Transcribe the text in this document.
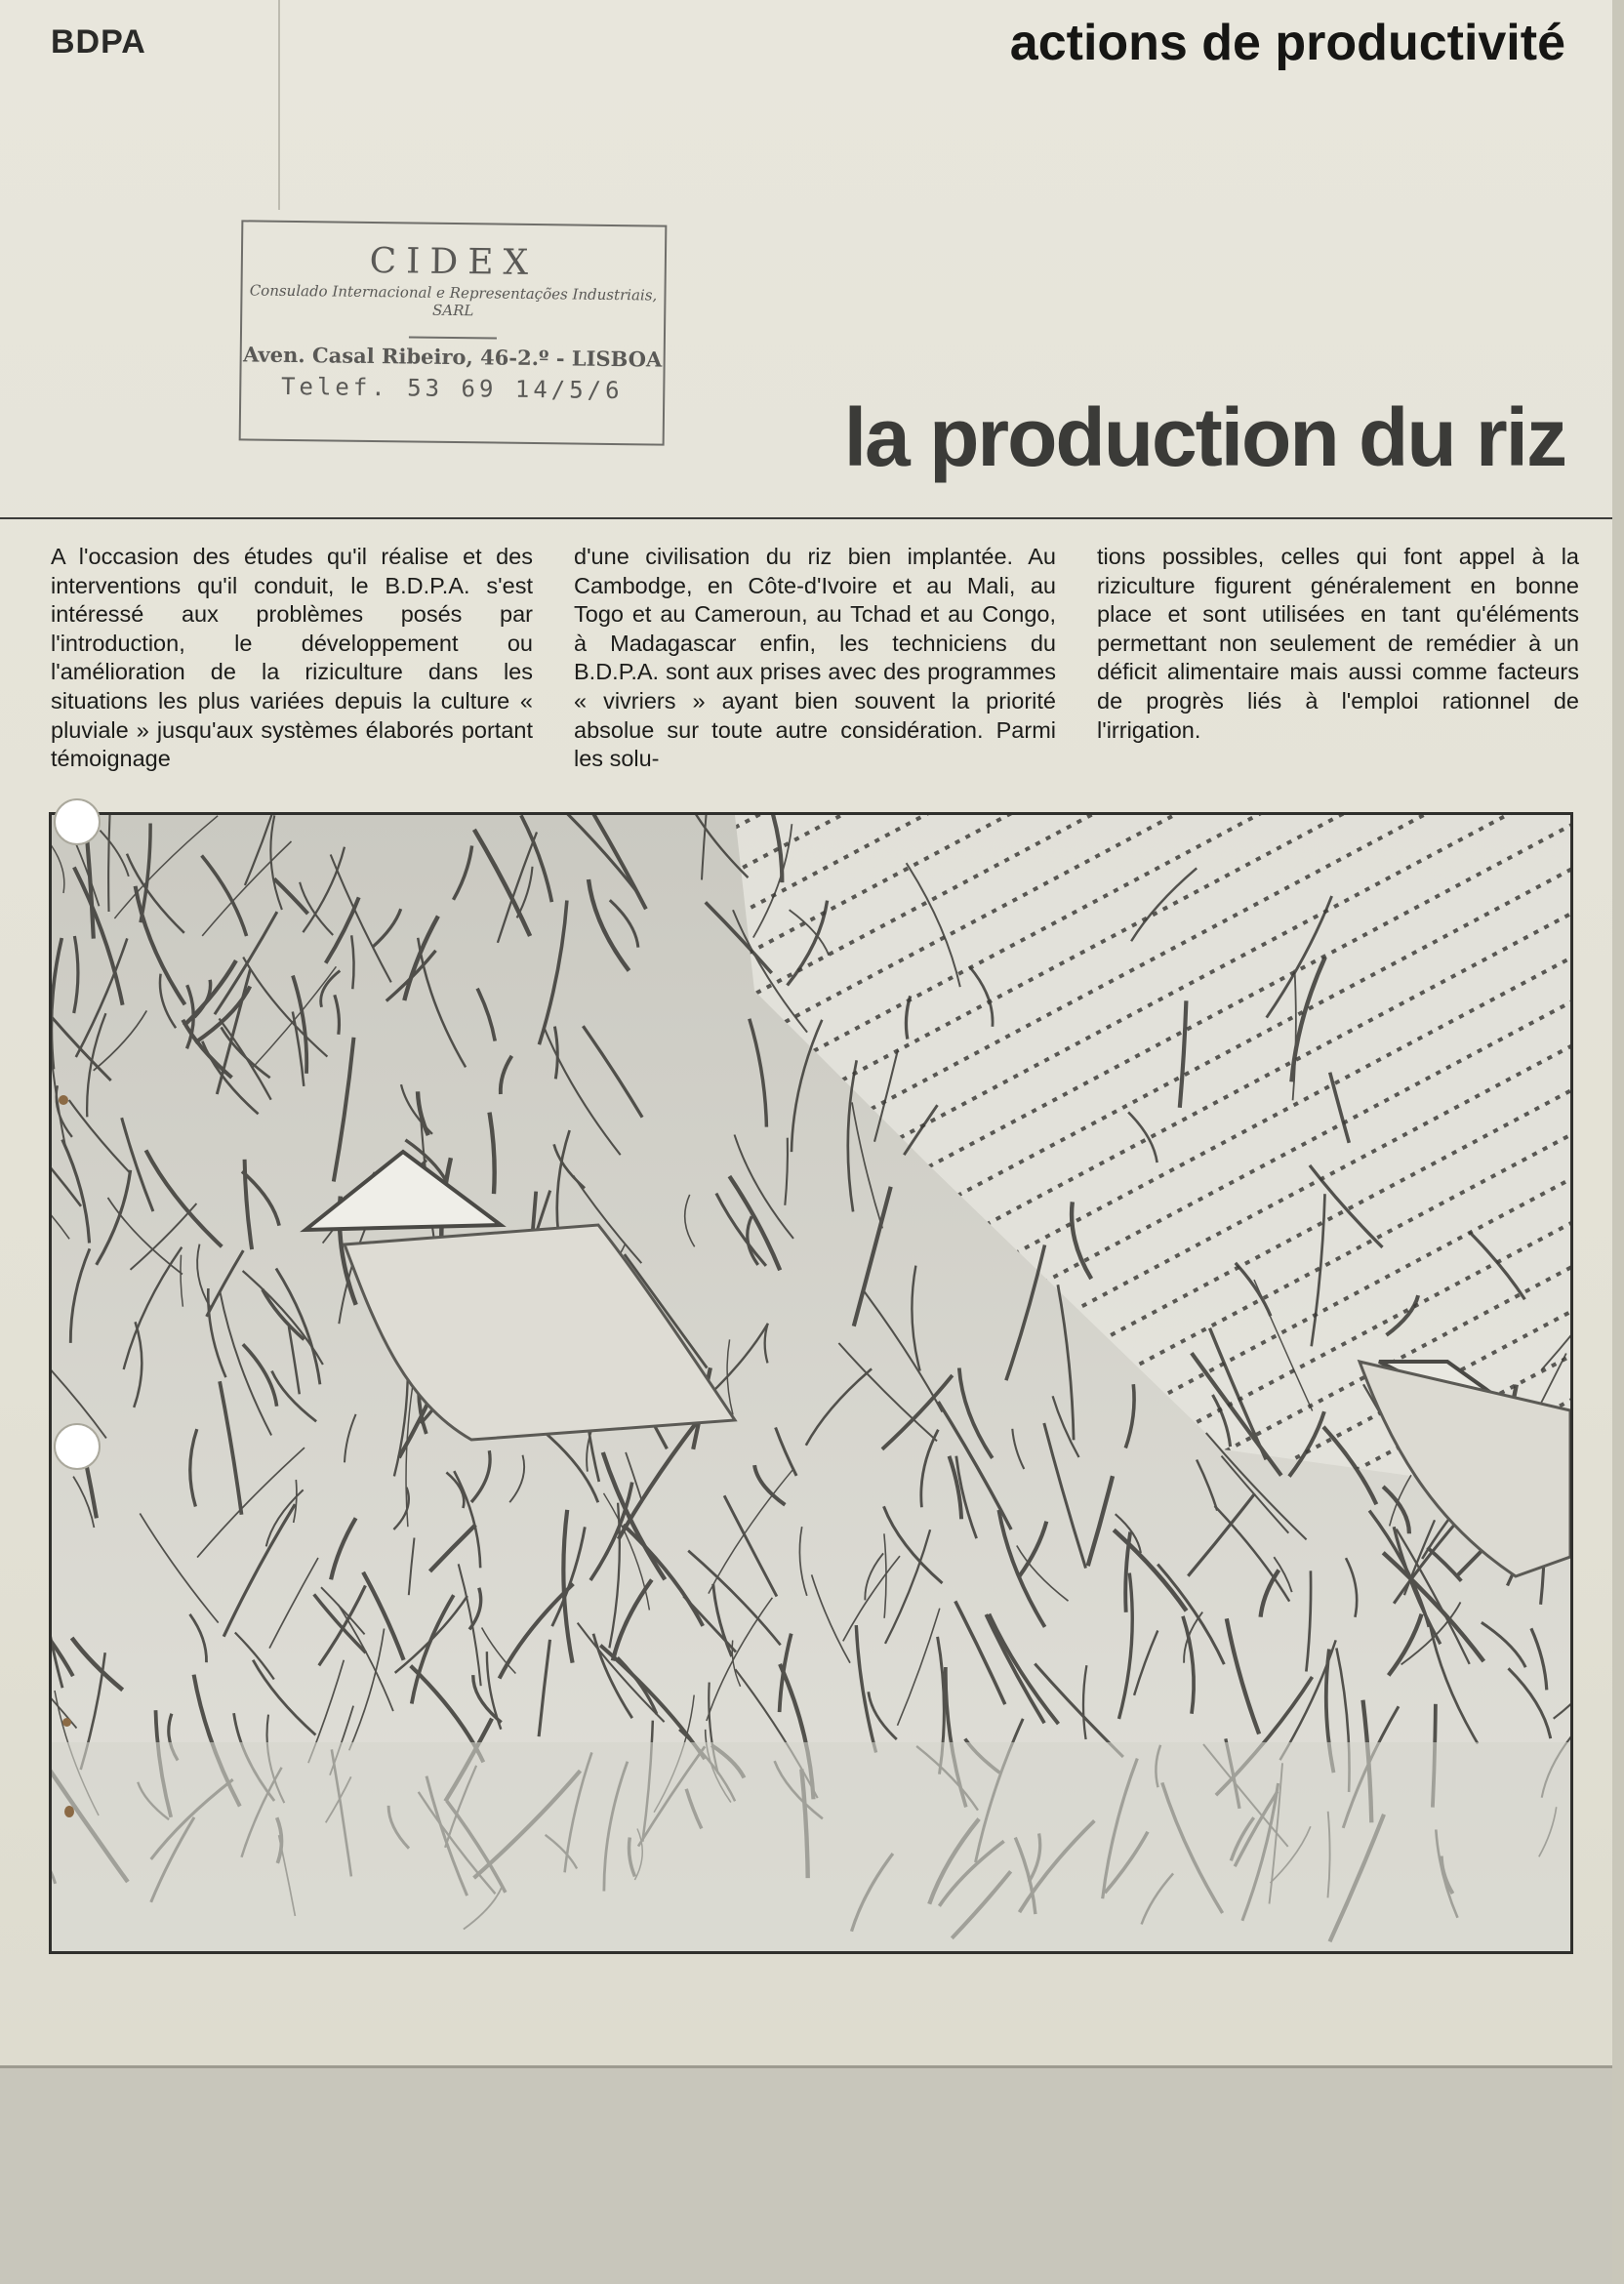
BDPA	actions de productivité
CIDEX
Consulado Internacional e Representações Industriais, SARL
Aven. Casal Ribeiro, 46-2.º - LISBOA
Telef. 53 69 14/5/6
la production du riz
A l'occasion des études qu'il réalise et des interventions qu'il conduit, le B.D.P.A. s'est intéressé aux problèmes posés par l'introduction, le développement ou l'amélioration de la riziculture dans les situations les plus variées depuis la culture « pluviale » jusqu'aux systèmes élaborés portant témoignage
d'une civilisation du riz bien implantée. Au Cambodge, en Côte-d'Ivoire et au Mali, au Togo et au Cameroun, au Tchad et au Congo, à Madagascar enfin, les techniciens du B.D.P.A. sont aux prises avec des programmes « vivriers » ayant bien souvent la priorité absolue sur toute autre considération. Parmi les solu-
tions possibles, celles qui font appel à la riziculture figurent généralement en bonne place et sont utilisées en tant qu'éléments permettant non seulement de remédier à un déficit alimentaire mais aussi comme facteurs de progrès liés à l'emploi rationnel de l'irrigation.
